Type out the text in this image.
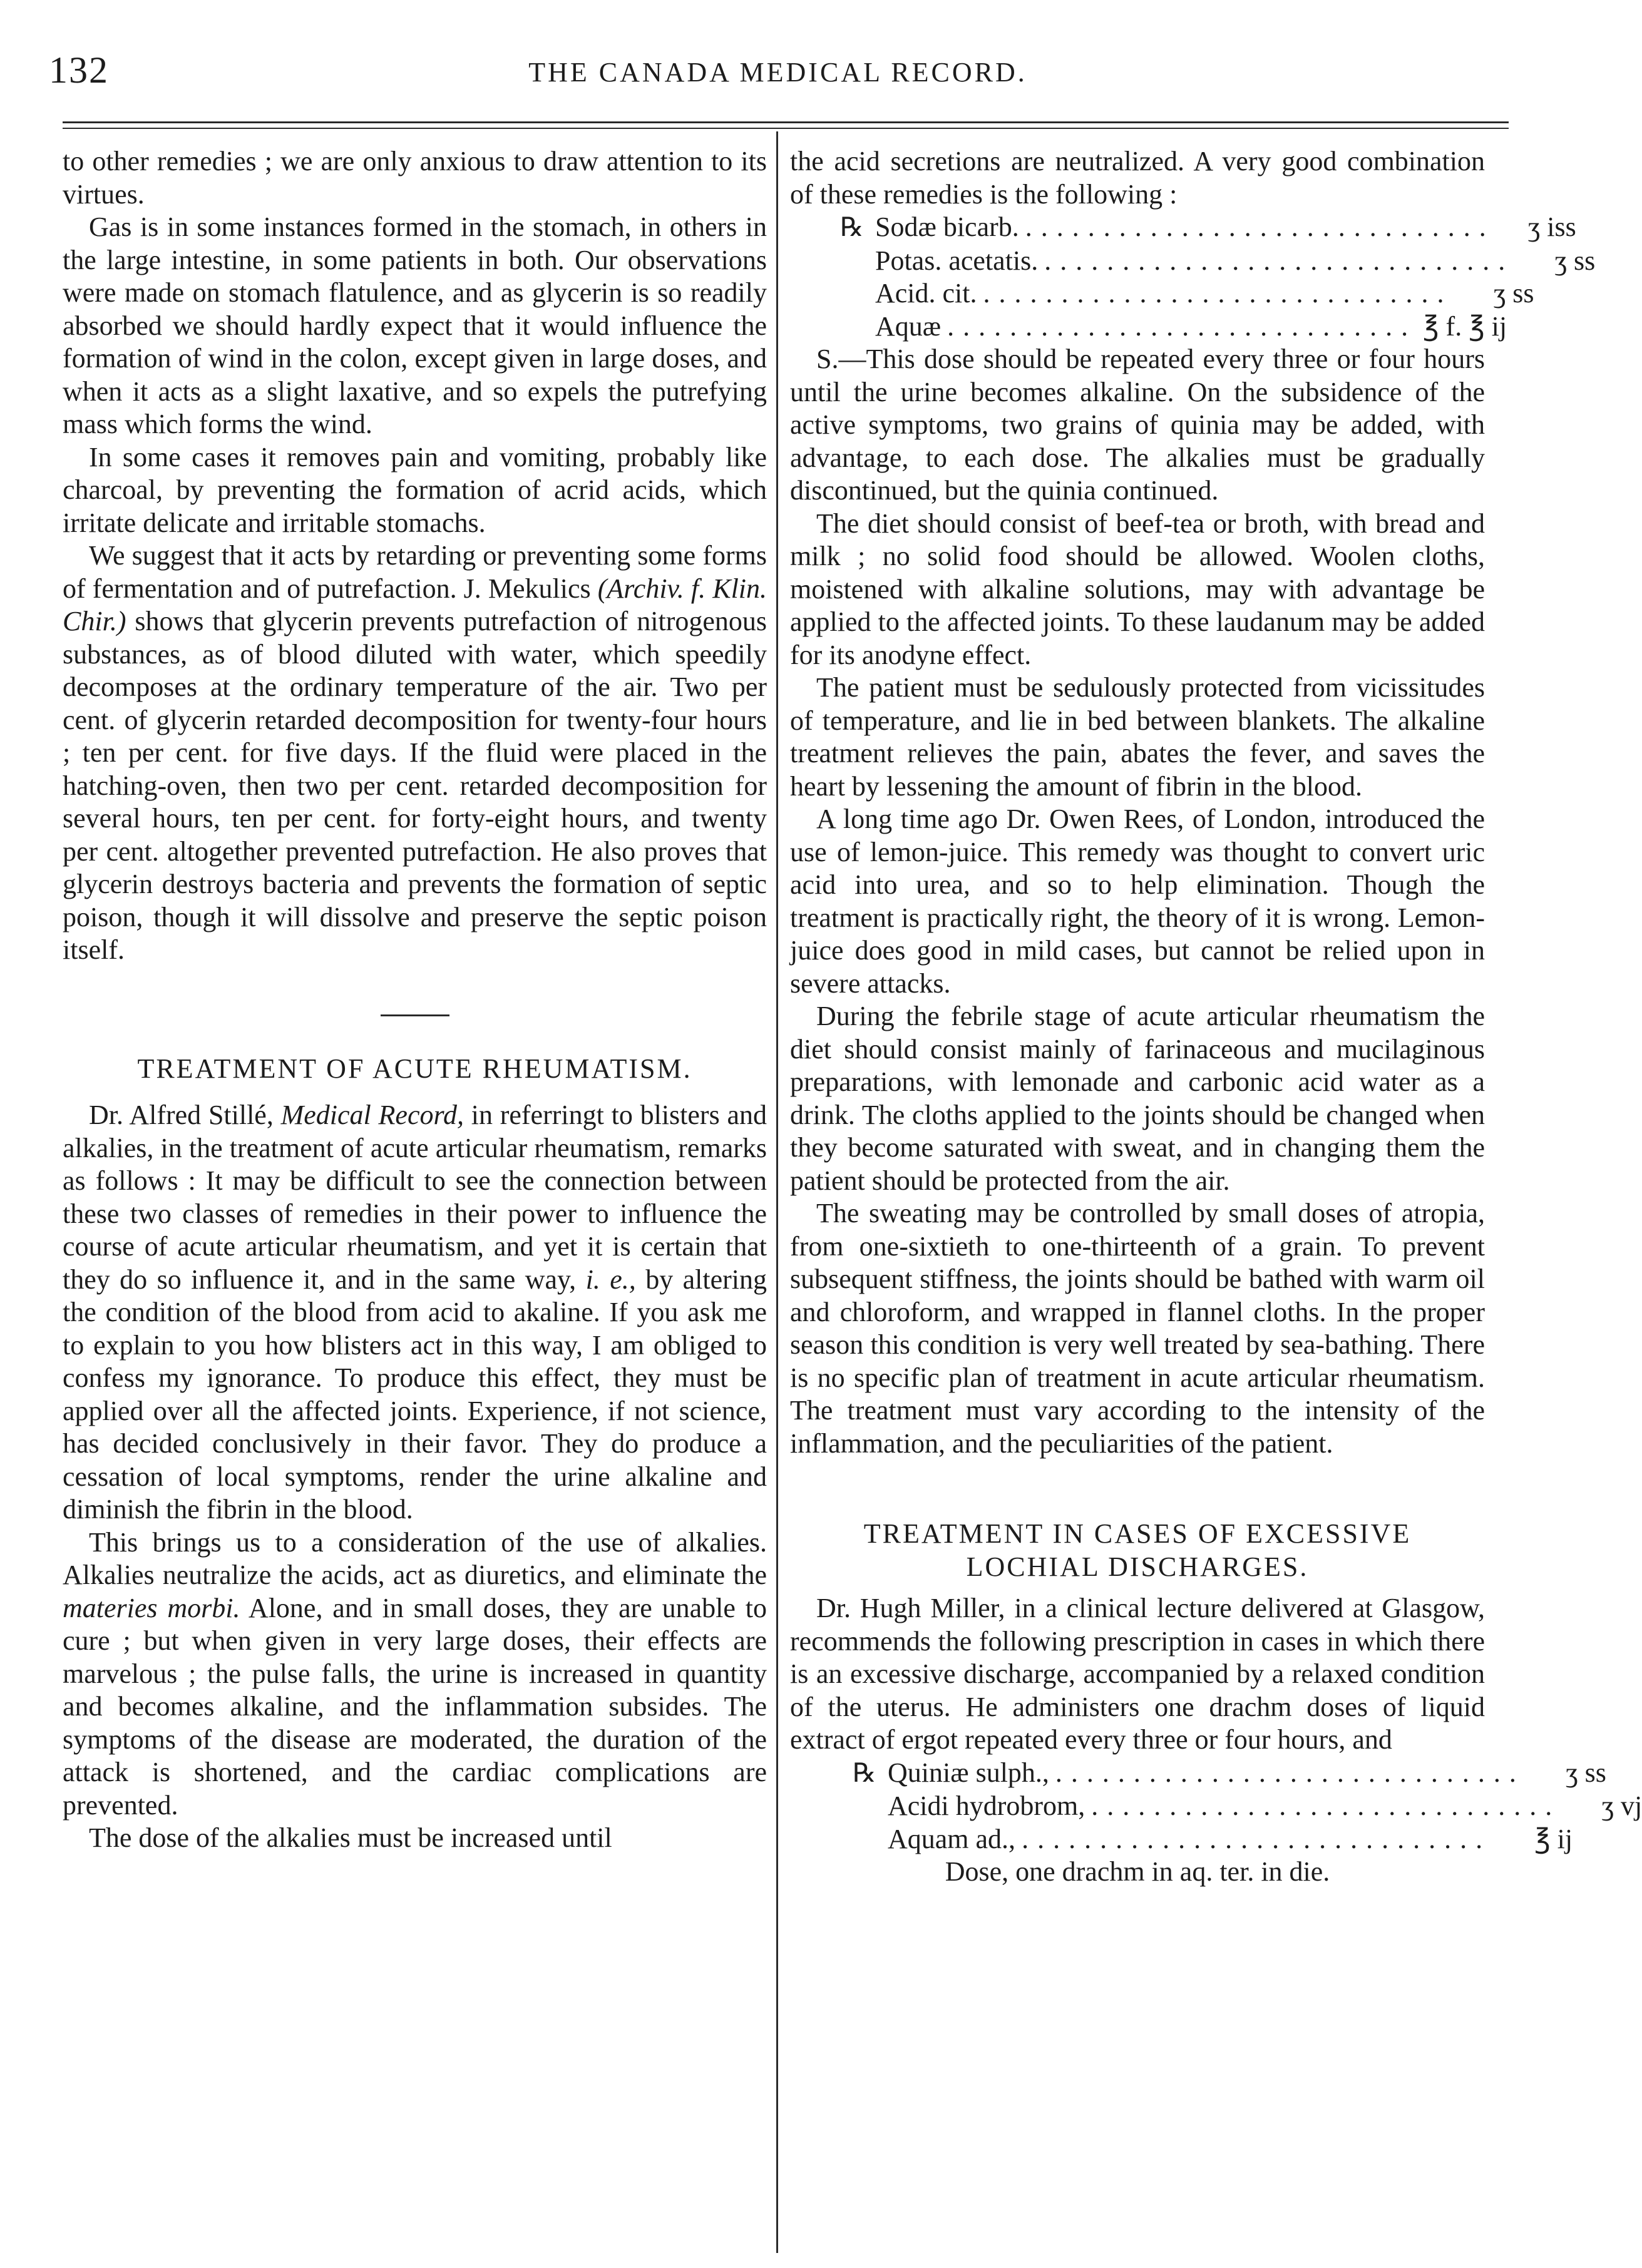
132	THE CANADA MEDICAL RECORD.

to other remedies ; we are only anxious to draw attention to its virtues.

Gas is in some instances formed in the stomach, in others in the large intestine, in some patients in both. Our observations were made on stomach flatulence, and as glycerin is so readily absorbed we should hardly expect that it would influence the formation of wind in the colon, except given in large doses, and when it acts as a slight laxative, and so expels the putrefying mass which forms the wind.

In some cases it removes pain and vomiting, probably like charcoal, by preventing the formation of acrid acids, which irritate delicate and irritable stomachs.

We suggest that it acts by retarding or preventing some forms of fermentation and of putrefaction. J. Mekulics (Archiv. f. Klin. Chir.) shows that glycerin prevents putrefaction of nitrogenous substances, as of blood diluted with water, which speedily decomposes at the ordinary temperature of the air. Two per cent. of glycerin retarded decomposition for twenty-four hours ; ten per cent. for five days. If the fluid were placed in the hatching-oven, then two per cent. retarded decomposition for several hours, ten per cent. for forty-eight hours, and twenty per cent. altogether prevented putrefaction. He also proves that glycerin destroys bacteria and prevents the formation of septic poison, though it will dissolve and preserve the septic poison itself.

TREATMENT OF ACUTE RHEUMATISM.

Dr. Alfred Stillé, Medical Record, in referringt to blisters and alkalies, in the treatment of acute articular rheumatism, remarks as follows : It may be difficult to see the connection between these two classes of remedies in their power to influence the course of acute articular rheumatism, and yet it is certain that they do so influence it, and in the same way, i. e., by altering the condition of the blood from acid to akaline. If you ask me to explain to you how blisters act in this way, I am obliged to confess my ignorance. To produce this effect, they must be applied over all the affected joints. Experience, if not science, has decided conclusively in their favor. They do produce a cessation of local symptoms, render the urine alkaline and diminish the fibrin in the blood.

This brings us to a consideration of the use of alkalies. Alkalies neutralize the acids, act as diuretics, and eliminate the materies morbi. Alone, and in small doses, they are unable to cure ; but when given in very large doses, their effects are marvelous ; the pulse falls, the urine is increased in quantity and becomes alkaline, and the inflammation subsides. The symptoms of the disease are moderated, the duration of the attack is shortened, and the cardiac complications are prevented.

The dose of the alkalies must be increased until

the acid secretions are neutralized. A very good combination of these remedies is the following :

℞ Sodæ bicarb. ..............................	ʒ iss
Potas. acetatis. ..............................	ʒ ss
Acid. cit. ..............................	ʒ ss
Aquæ .............................. ℥ f. ℥ ij

S.—This dose should be repeated every three or four hours until the urine becomes alkaline. On the subsidence of the active symptoms, two grains of quinia may be added, with advantage, to each dose. The alkalies must be gradually discontinued, but the quinia continued.

The diet should consist of beef-tea or broth, with bread and milk ; no solid food should be allowed. Woolen cloths, moistened with alkaline solutions, may with advantage be applied to the affected joints. To these laudanum may be added for its anodyne effect.

The patient must be sedulously protected from vicissitudes of temperature, and lie in bed between blankets. The alkaline treatment relieves the pain, abates the fever, and saves the heart by lessening the amount of fibrin in the blood.

A long time ago Dr. Owen Rees, of London, introduced the use of lemon-juice. This remedy was thought to convert uric acid into urea, and so to help elimination. Though the treatment is practically right, the theory of it is wrong. Lemon-juice does good in mild cases, but cannot be relied upon in severe attacks.

During the febrile stage of acute articular rheumatism the diet should consist mainly of farinaceous and mucilaginous preparations, with lemonade and carbonic acid water as a drink. The cloths applied to the joints should be changed when they become saturated with sweat, and in changing them the patient should be protected from the air.

The sweating may be controlled by small doses of atropia, from one-sixtieth to one-thirteenth of a grain. To prevent subsequent stiffness, the joints should be bathed with warm oil and chloroform, and wrapped in flannel cloths. In the proper season this condition is very well treated by sea-bathing. There is no specific plan of treatment in acute articular rheumatism. The treatment must vary according to the intensity of the inflammation, and the peculiarities of the patient.

TREATMENT IN CASES OF EXCESSIVE
LOCHIAL DISCHARGES.

Dr. Hugh Miller, in a clinical lecture delivered at Glasgow, recommends the following prescription in cases in which there is an excessive discharge, accompanied by a relaxed condition of the uterus. He administers one drachm doses of liquid extract of ergot repeated every three or four hours, and

℞ Quiniæ sulph., ..............................	ʒ ss
Acidi hydrobrom, ..............................	ʒ vj
Aquam ad., ..............................	℥ ij

Dose, one drachm in aq. ter. in die.
